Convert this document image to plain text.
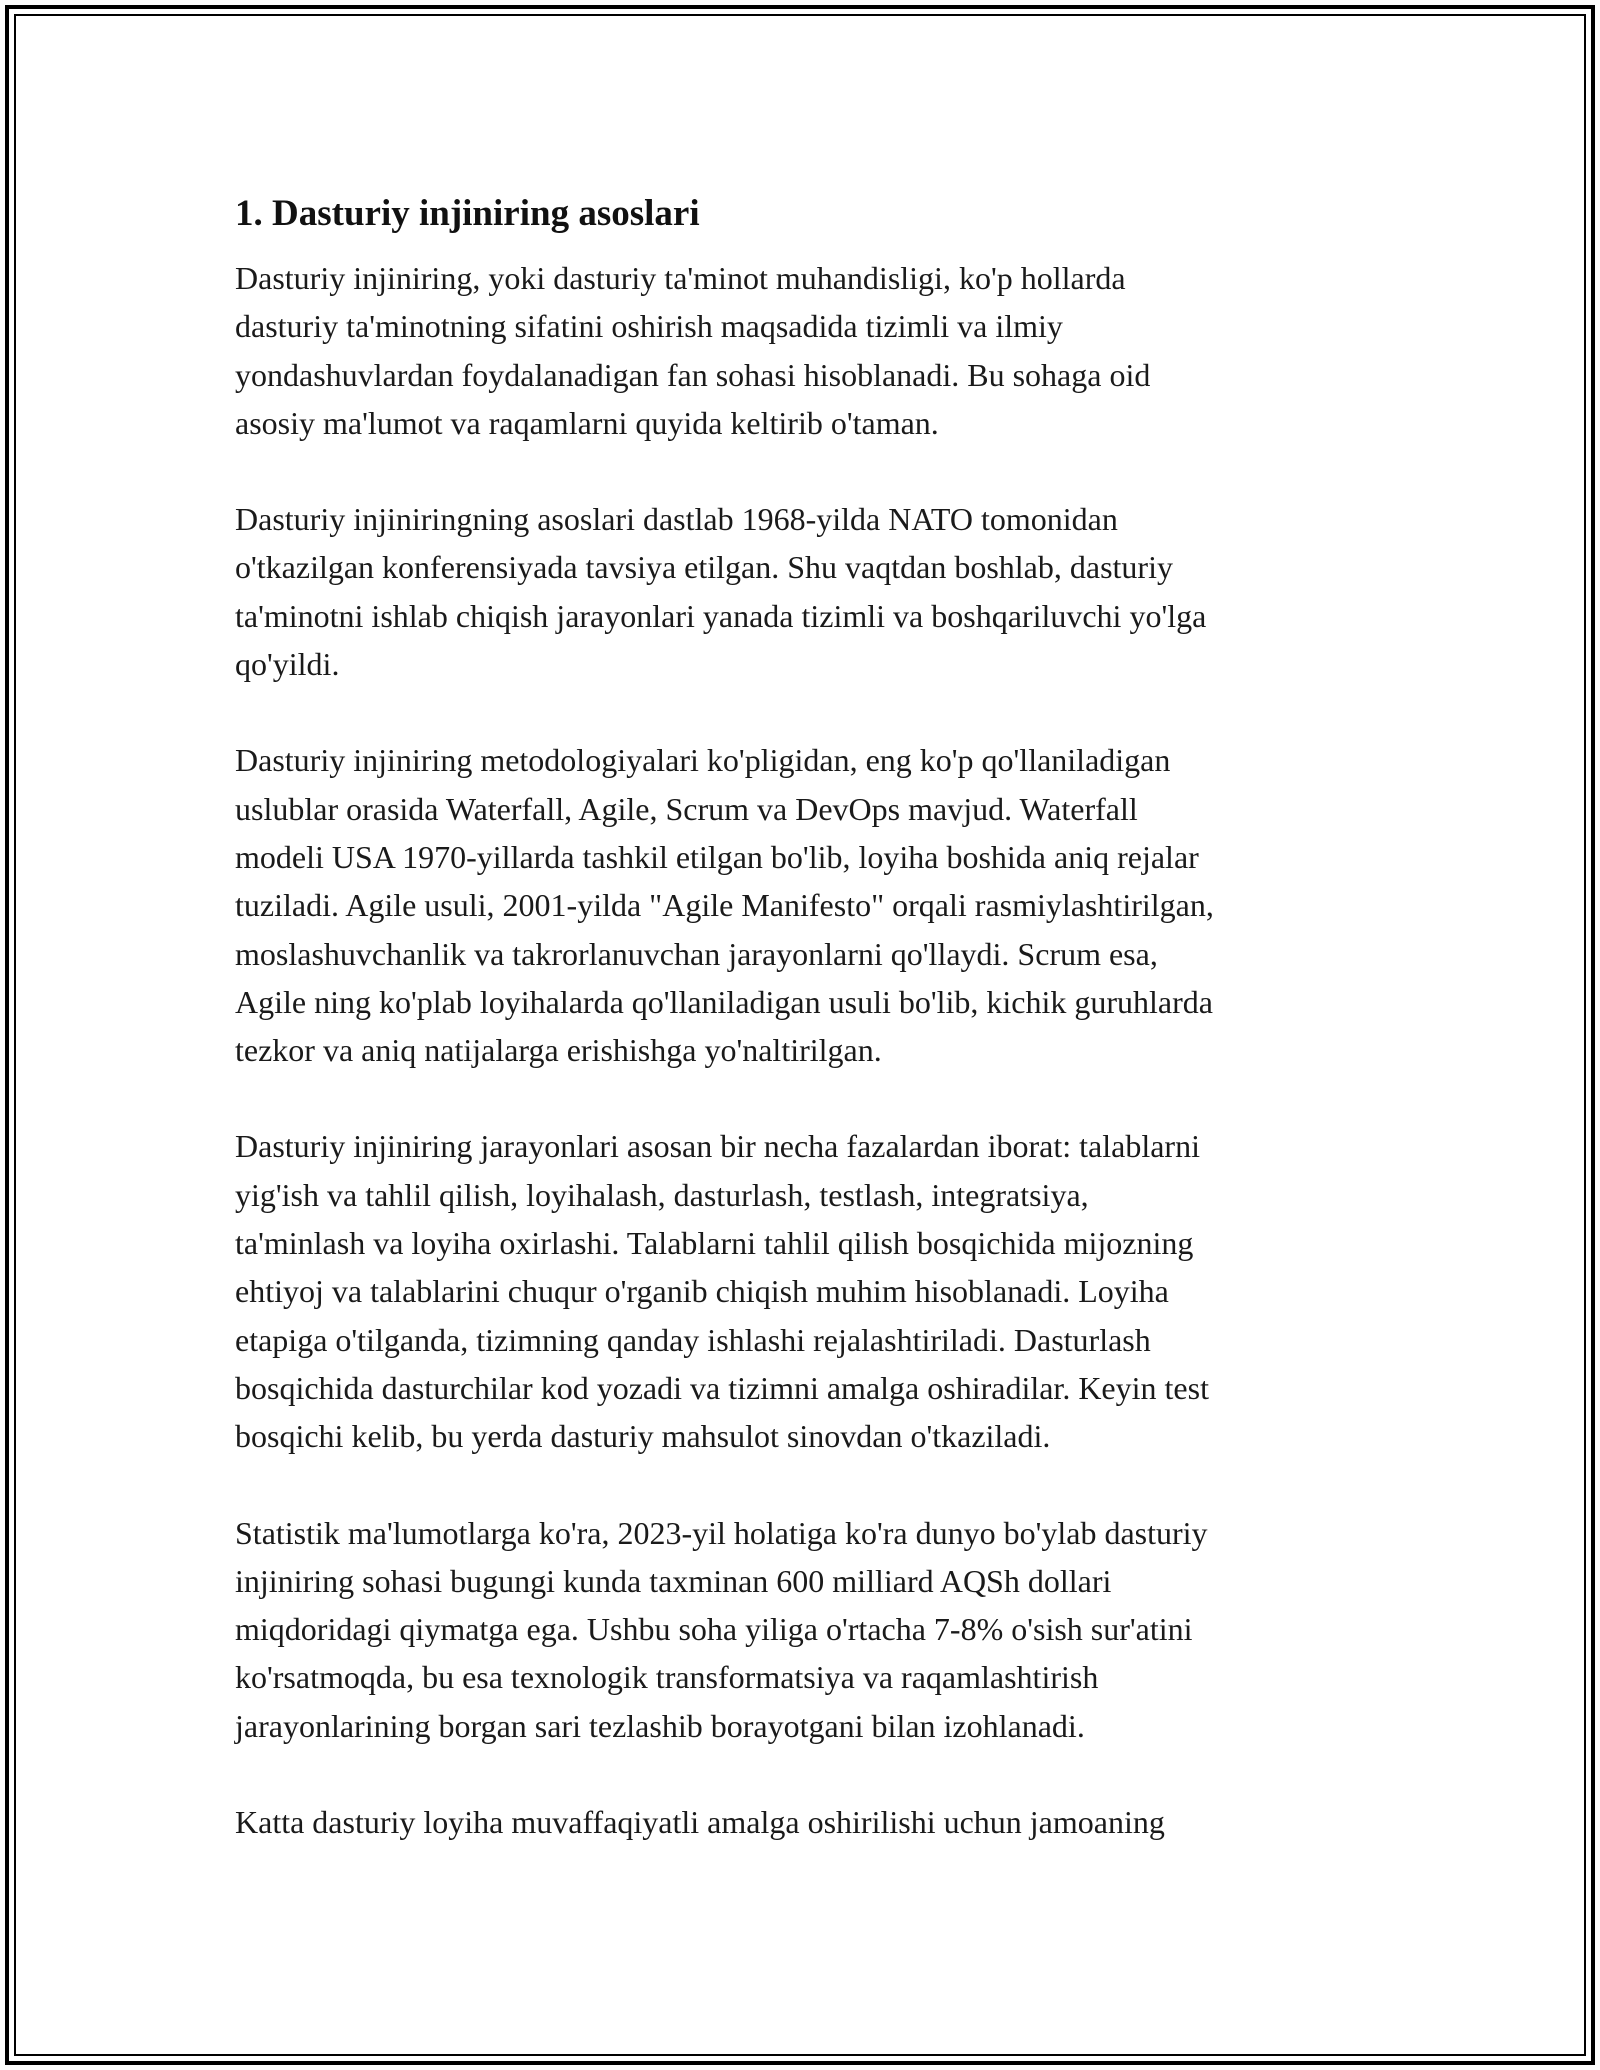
1. Dasturiy injiniring asoslari

Dasturiy injiniring, yoki dasturiy ta'minot muhandisligi, ko'p hollarda
dasturiy ta'minotning sifatini oshirish maqsadida tizimli va ilmiy
yondashuvlardan foydalanadigan fan sohasi hisoblanadi. Bu sohaga oid
asosiy ma'lumot va raqamlarni quyida keltirib o'taman.

Dasturiy injiniringning asoslari dastlab 1968-yilda NATO tomonidan
o'tkazilgan konferensiyada tavsiya etilgan. Shu vaqtdan boshlab, dasturiy
ta'minotni ishlab chiqish jarayonlari yanada tizimli va boshqariluvchi yo'lga
qo'yildi.

Dasturiy injiniring metodologiyalari ko'pligidan, eng ko'p qo'llaniladigan
uslublar orasida Waterfall, Agile, Scrum va DevOps mavjud. Waterfall
modeli USA 1970-yillarda tashkil etilgan bo'lib, loyiha boshida aniq rejalar
tuziladi. Agile usuli, 2001-yilda "Agile Manifesto" orqali rasmiylashtirilgan,
moslashuvchanlik va takrorlanuvchan jarayonlarni qo'llaydi. Scrum esa,
Agile ning ko'plab loyihalarda qo'llaniladigan usuli bo'lib, kichik guruhlarda
tezkor va aniq natijalarga erishishga yo'naltirilgan.

Dasturiy injiniring jarayonlari asosan bir necha fazalardan iborat: talablarni
yig'ish va tahlil qilish, loyihalash, dasturlash, testlash, integratsiya,
ta'minlash va loyiha oxirlashi. Talablarni tahlil qilish bosqichida mijozning
ehtiyoj va talablarini chuqur o'rganib chiqish muhim hisoblanadi. Loyiha
etapiga o'tilganda, tizimning qanday ishlashi rejalashtiriladi. Dasturlash
bosqichida dasturchilar kod yozadi va tizimni amalga oshiradilar. Keyin test
bosqichi kelib, bu yerda dasturiy mahsulot sinovdan o'tkaziladi.

Statistik ma'lumotlarga ko'ra, 2023-yil holatiga ko'ra dunyo bo'ylab dasturiy
injiniring sohasi bugungi kunda taxminan 600 milliard AQSh dollari
miqdoridagi qiymatga ega. Ushbu soha yiliga o'rtacha 7-8% o'sish sur'atini
ko'rsatmoqda, bu esa texnologik transformatsiya va raqamlashtirish
jarayonlarining borgan sari tezlashib borayotgani bilan izohlanadi.

Katta dasturiy loyiha muvaffaqiyatli amalga oshirilishi uchun jamoaning
